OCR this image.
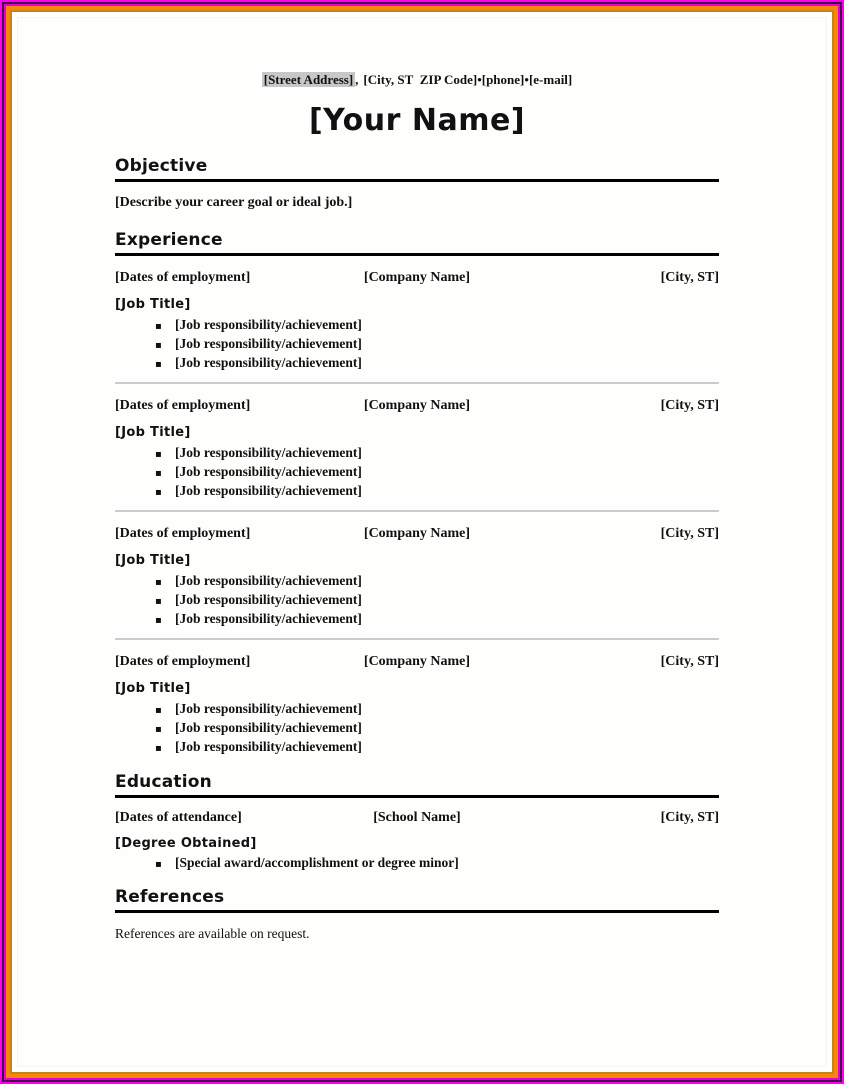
[Street Address] , [City, ST  ZIP Code]•[phone]•[e-mail]
[Your Name]
Objective
[Describe your career goal or ideal job.]
Experience
[Dates of employment]	[Company Name]	[City, ST]
[Job Title]
▪ [Job responsibility/achievement]
▪ [Job responsibility/achievement]
▪ [Job responsibility/achievement]
[Dates of employment]	[Company Name]	[City, ST]
[Job Title]
▪ [Job responsibility/achievement]
▪ [Job responsibility/achievement]
▪ [Job responsibility/achievement]
[Dates of employment]	[Company Name]	[City, ST]
[Job Title]
▪ [Job responsibility/achievement]
▪ [Job responsibility/achievement]
▪ [Job responsibility/achievement]
[Dates of employment]	[Company Name]	[City, ST]
[Job Title]
▪ [Job responsibility/achievement]
▪ [Job responsibility/achievement]
▪ [Job responsibility/achievement]
Education
[Dates of attendance]	[School Name]	[City, ST]
[Degree Obtained]
▪ [Special award/accomplishment or degree minor]
References
References are available on request.
